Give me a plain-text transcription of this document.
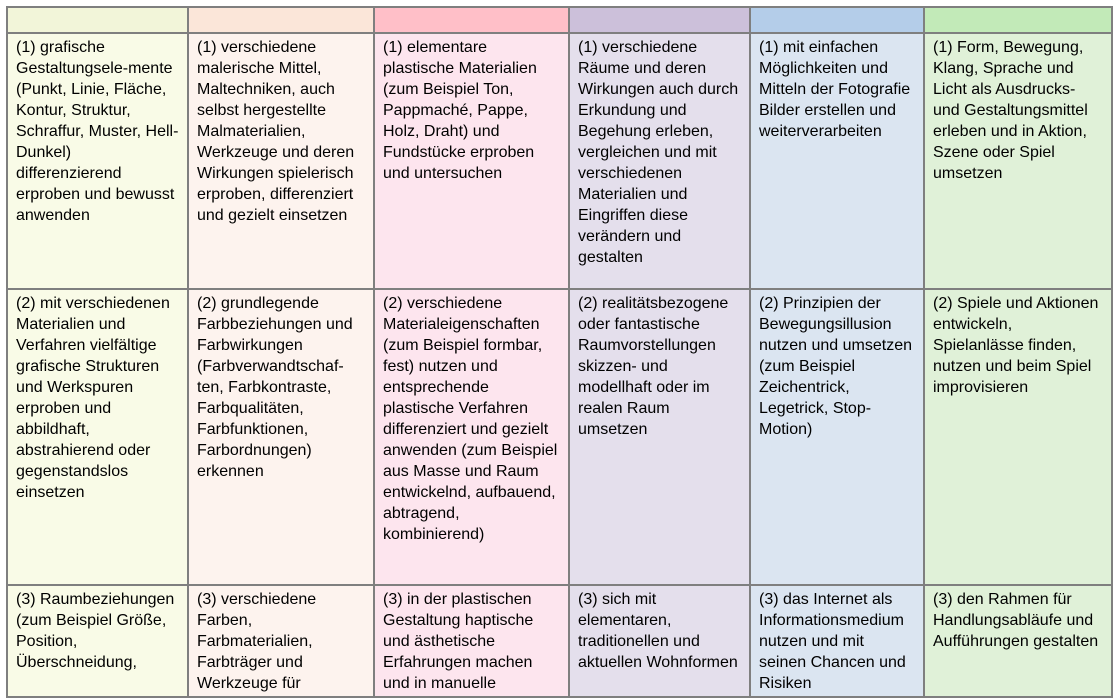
(1) grafische Gestaltungsele-mente (Punkt, Linie, Fläche, Kontur, Struktur, Schraffur, Muster, Hell-Dunkel) differenzierend erproben und bewusst anwenden	(1) verschiedene malerische Mittel, Maltechniken, auch selbst hergestellte Malmaterialien, Werkzeuge und deren Wirkungen spielerisch erproben, differenziert und gezielt einsetzen	(1) elementare plastische Materialien (zum Beispiel Ton, Pappmaché, Pappe, Holz, Draht) und Fundstücke erproben und untersuchen	(1) verschiedene Räume und deren Wirkungen auch durch Erkundung und Begehung erleben, vergleichen und mit verschiedenen Materialien und Eingriffen diese verändern und gestalten	(1) mit einfachen Möglichkeiten und Mitteln der Fotografie Bilder erstellen und weiterverarbeiten	(1) Form, Bewegung, Klang, Sprache und Licht als Ausdrucks- und Gestaltungsmittel erleben und in Aktion, Szene oder Spiel umsetzen
(2) mit verschiedenen Materialien und Verfahren vielfältige grafische Strukturen und Werkspuren erproben und abbildhaft, abstrahierend oder gegenstandslos einsetzen	(2) grundlegende Farbbeziehungen und Farbwirkungen (Farbverwandtschaf-ten, Farbkontraste, Farbqualitäten, Farbfunktionen, Farbordnungen) erkennen	(2) verschiedene Materialeigenschaften (zum Beispiel formbar, fest) nutzen und entsprechende plastische Verfahren differenziert und gezielt anwenden (zum Beispiel aus Masse und Raum entwickelnd, aufbauend, abtragend, kombinierend)	(2) realitätsbezogene oder fantastische Raumvorstellungen skizzen- und modellhaft oder im realen Raum umsetzen	(2) Prinzipien der Bewegungsillusion nutzen und umsetzen (zum Beispiel Zeichentrick, Legetrick, Stop-Motion)	(2) Spiele und Aktionen entwickeln, Spielanlässe finden, nutzen und beim Spiel improvisieren
(3) Raumbeziehungen (zum Beispiel Größe, Position, Überschneidung,	(3) verschiedene Farben, Farbmaterialien, Farbträger und Werkzeuge für	(3) in der plastischen Gestaltung haptische und ästhetische Erfahrungen machen und in manuelle	(3) sich mit elementaren, traditionellen und aktuellen Wohnformen	(3) das Internet als Informationsmedium nutzen und mit seinen Chancen und Risiken	(3) den Rahmen für Handlungsabläufe und Aufführungen gestalten
